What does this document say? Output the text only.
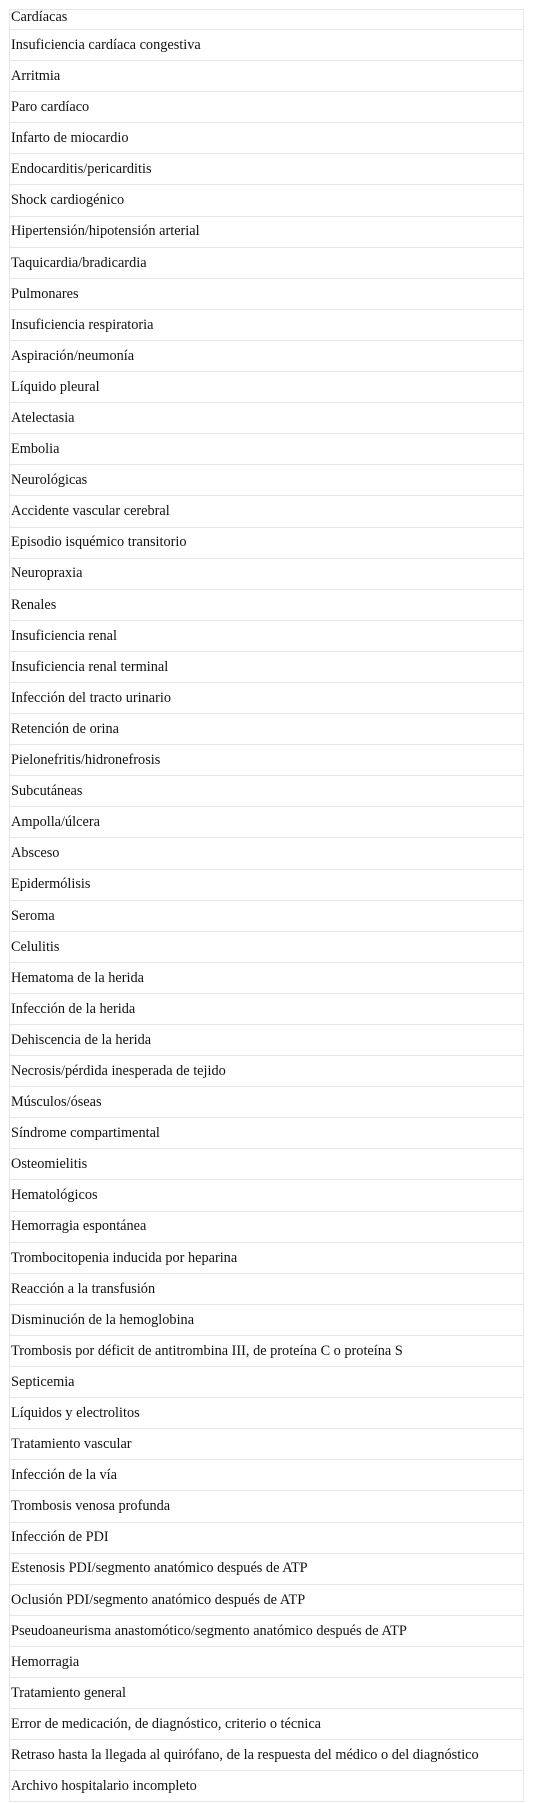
Cardíacas
Insuficiencia cardíaca congestiva
Arritmia
Paro cardíaco
Infarto de miocardio
Endocarditis/pericarditis
Shock cardiogénico
Hipertensión/hipotensión arterial
Taquicardia/bradicardia
Pulmonares
Insuficiencia respiratoria
Aspiración/neumonía
Líquido pleural
Atelectasia
Embolia
Neurológicas
Accidente vascular cerebral
Episodio isquémico transitorio
Neuropraxia
Renales
Insuficiencia renal
Insuficiencia renal terminal
Infección del tracto urinario
Retención de orina
Pielonefritis/hidronefrosis
Subcutáneas
Ampolla/úlcera
Absceso
Epidermólisis
Seroma
Celulitis
Hematoma de la herida
Infección de la herida
Dehiscencia de la herida
Necrosis/pérdida inesperada de tejido
Músculos/óseas
Síndrome compartimental
Osteomielitis
Hematológicos
Hemorragia espontánea
Trombocitopenia inducida por heparina
Reacción a la transfusión
Disminución de la hemoglobina
Trombosis por déficit de antitrombina III, de proteína C o proteína S
Septicemia
Líquidos y electrolitos
Tratamiento vascular
Infección de la vía
Trombosis venosa profunda
Infección de PDI
Estenosis PDI/segmento anatómico después de ATP
Oclusión PDI/segmento anatómico después de ATP
Pseudoaneurisma anastomótico/segmento anatómico después de ATP
Hemorragia
Tratamiento general
Error de medicación, de diagnóstico, criterio o técnica
Retraso hasta la llegada al quirófano, de la respuesta del médico o del diagnóstico
Archivo hospitalario incompleto
